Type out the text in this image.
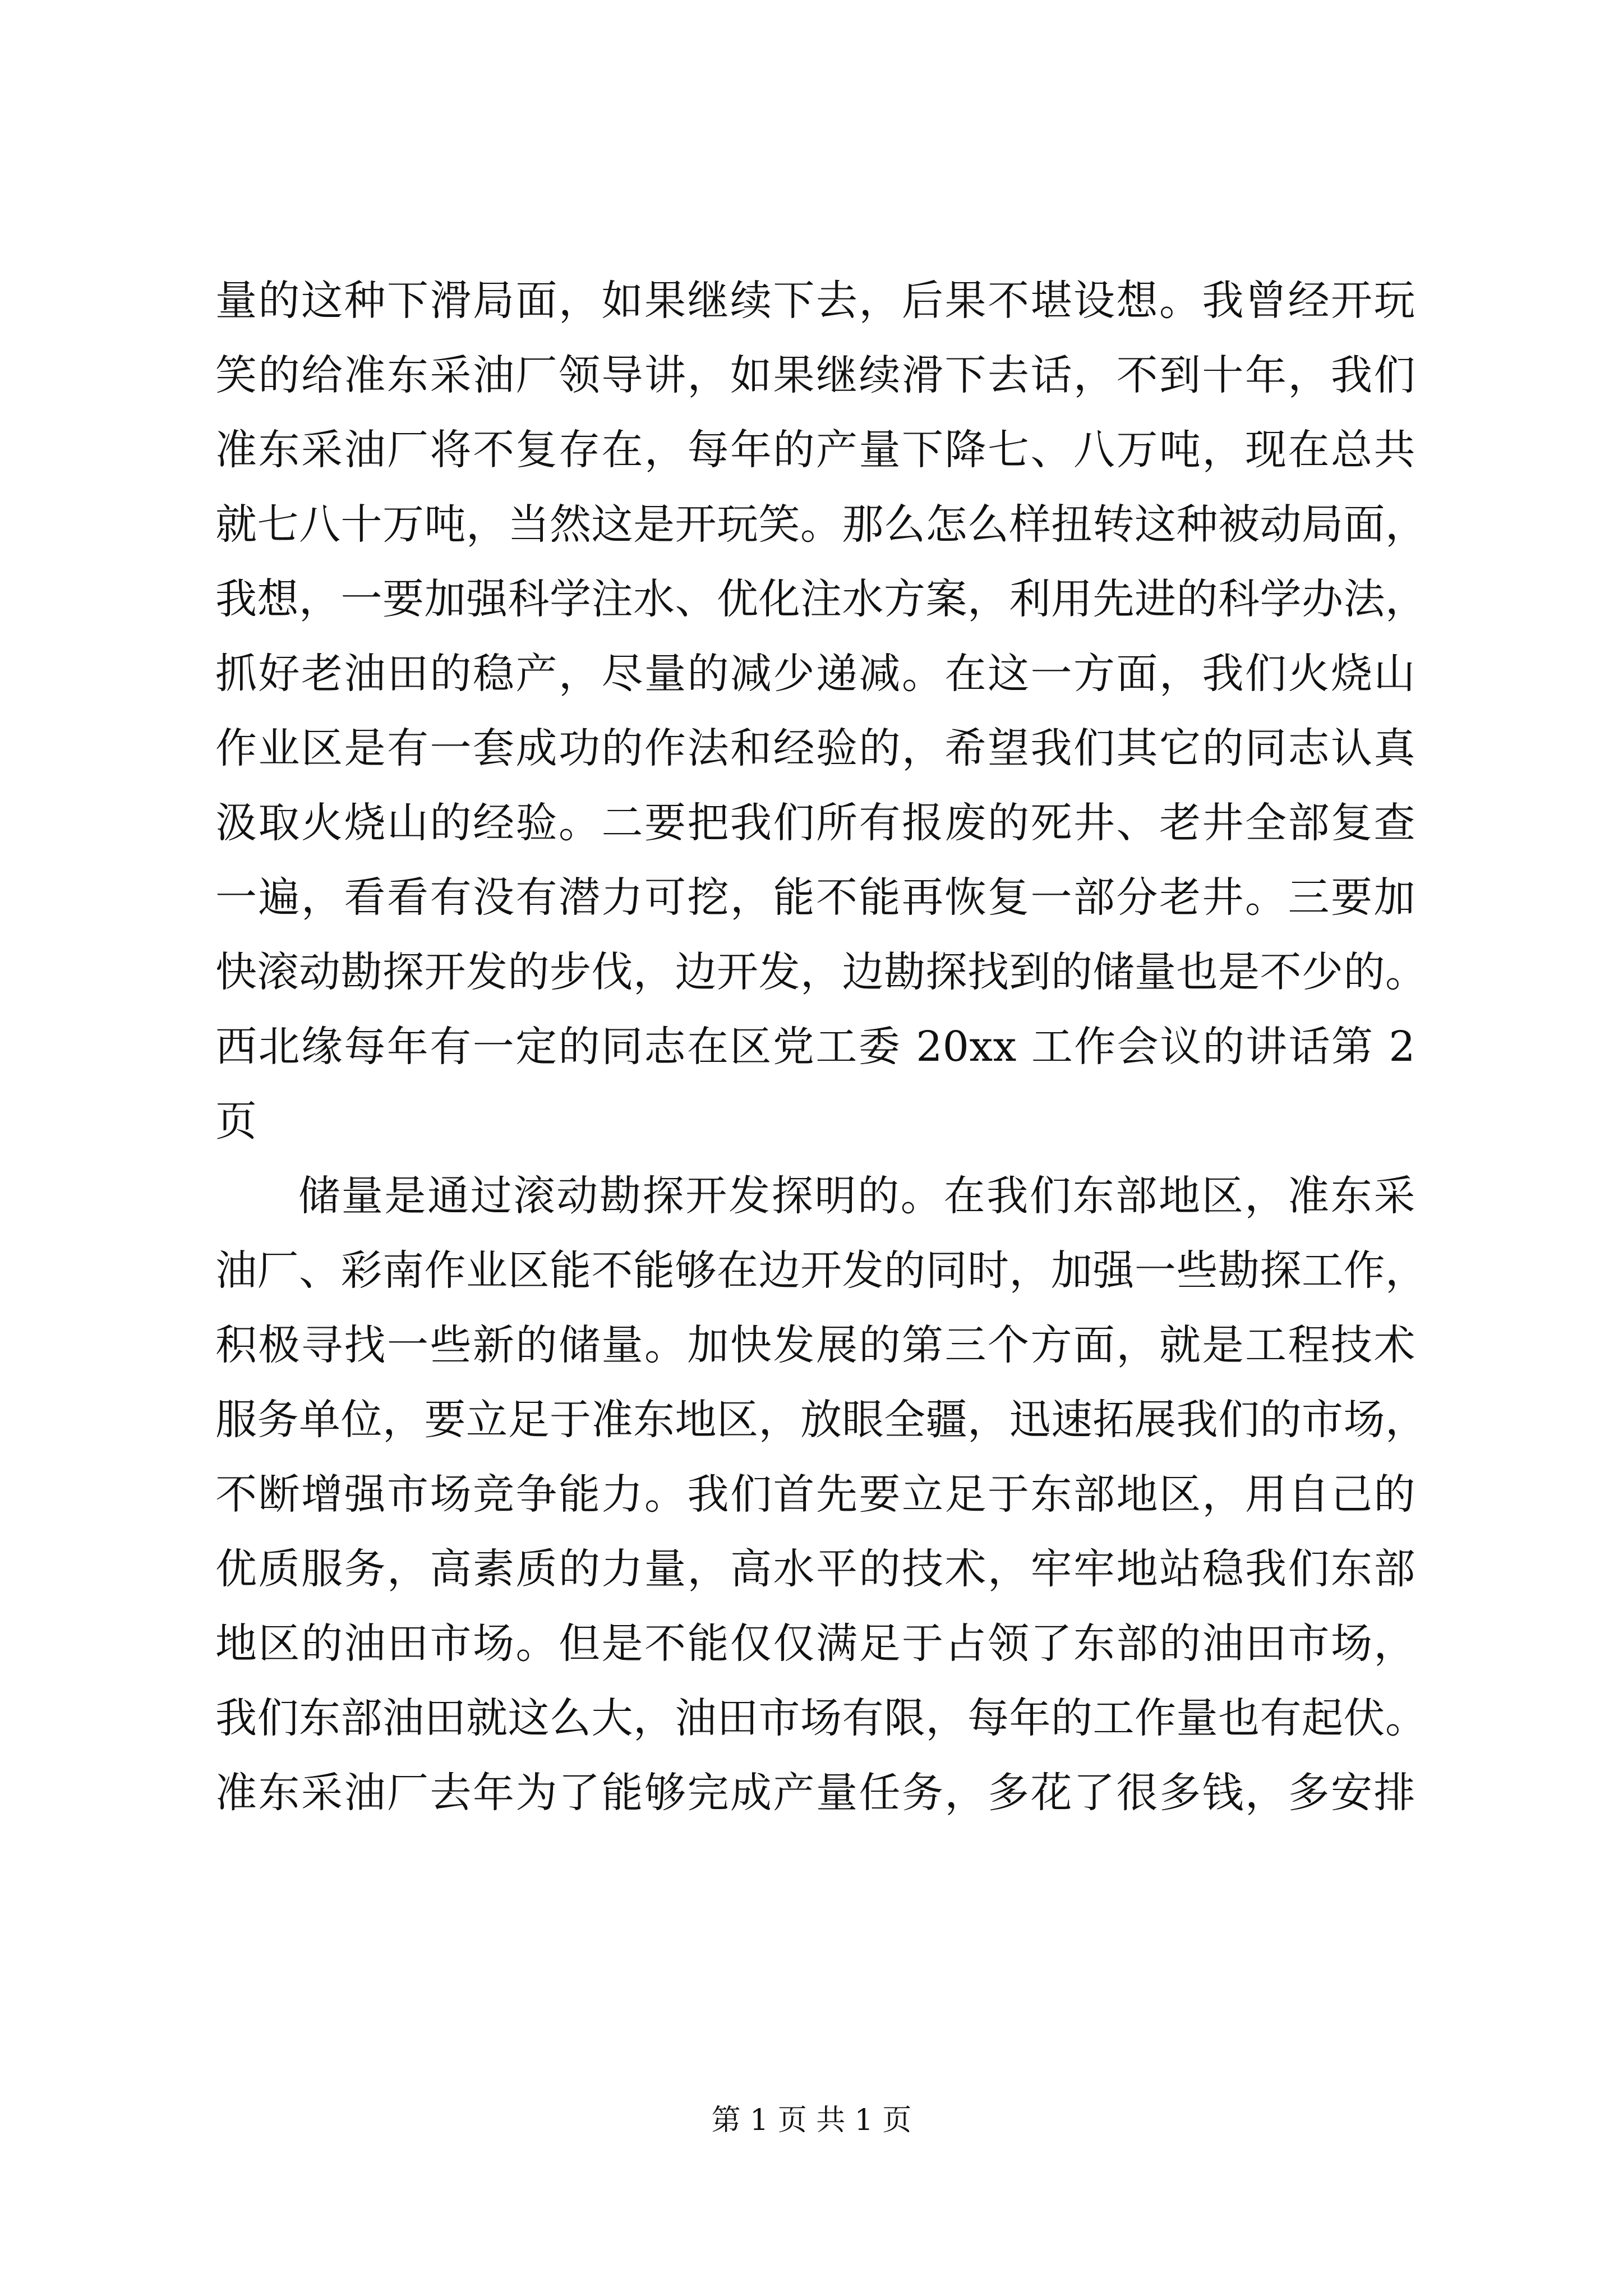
量的这种下滑局面，如果继续下去，后果不堪设想。我曾经开玩
笑的给准东采油厂领导讲，如果继续滑下去话，不到十年，我们
准东采油厂将不复存在，每年的产量下降七、八万吨，现在总共
就七八十万吨，当然这是开玩笑。那么怎么样扭转这种被动局面，
我想，一要加强科学注水、优化注水方案，利用先进的科学办法，
抓好老油田的稳产，尽量的减少递减。在这一方面，我们火烧山
作业区是有一套成功的作法和经验的，希望我们其它的同志认真
汲取火烧山的经验。二要把我们所有报废的死井、老井全部复查
一遍，看看有没有潜力可挖，能不能再恢复一部分老井。三要加
快滚动勘探开发的步伐，边开发，边勘探找到的储量也是不少的。
西北缘每年有一定的同志在区党工委 20xx 工作会议的讲话第 2
页
储量是通过滚动勘探开发探明的。在我们东部地区，准东采
油厂、彩南作业区能不能够在边开发的同时，加强一些勘探工作，
积极寻找一些新的储量。加快发展的第三个方面，就是工程技术
服务单位，要立足于准东地区，放眼全疆，迅速拓展我们的市场，
不断增强市场竞争能力。我们首先要立足于东部地区，用自己的
优质服务，高素质的力量，高水平的技术，牢牢地站稳我们东部
地区的油田市场。但是不能仅仅满足于占领了东部的油田市场，
我们东部油田就这么大，油田市场有限，每年的工作量也有起伏。
准东采油厂去年为了能够完成产量任务，多花了很多钱，多安排
第 1 页 共 1 页
